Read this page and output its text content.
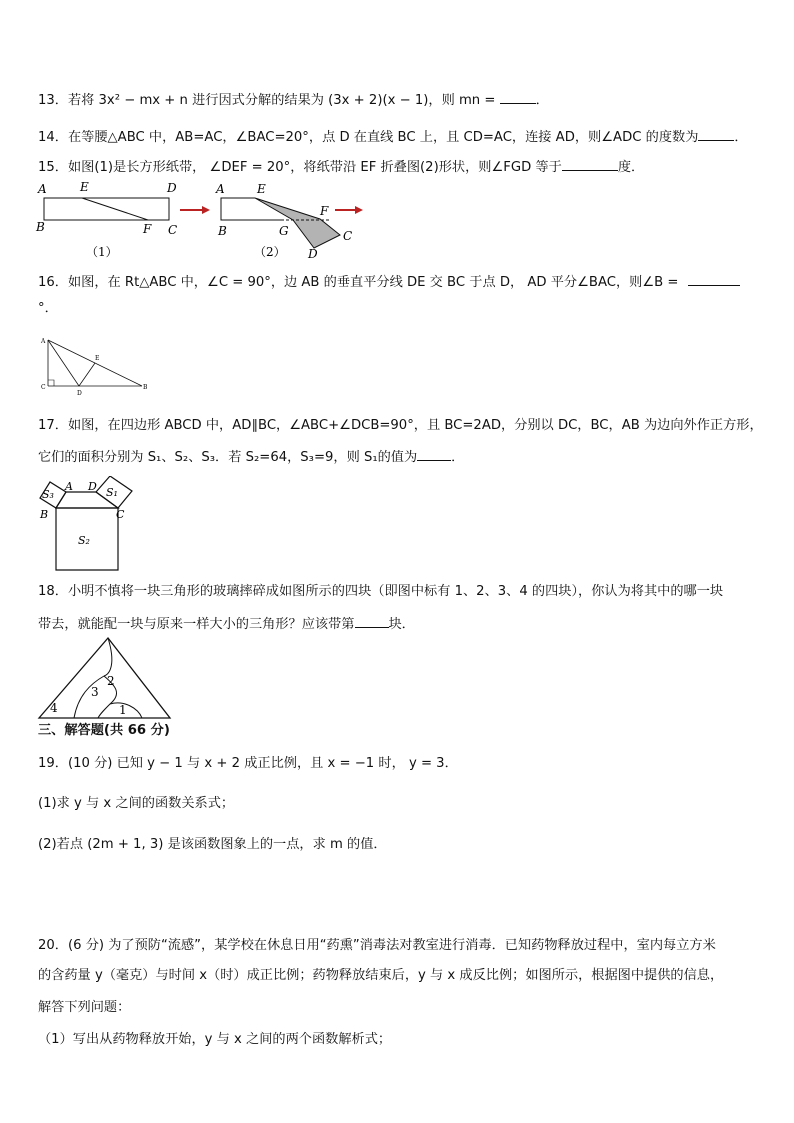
13．若将 3x² − mx + n 进行因式分解的结果为 (3x + 2)(x − 1)，则 mn =	．
14．在等腰△ABC 中，AB=AC，∠BAC=20°，点 D 在直线 BC 上，且 CD=AC，连接 AD，则∠ADC 的度数为	．
15．如图(1)是长方形纸带， ∠DEF = 20°，将纸带沿 EF 折叠图(2)形状，则∠FGD 等于	度．
A	E	D
B	F C
（1）
A	E
F
B	G	C
D
（2）
16．如图，在 Rt△ABC 中，∠C = 90°，边 AB 的垂直平分线 DE 交 BC 于点 D， AD 平分∠BAC，则∠B =
°．
A
E
C
D
B
17．如图，在四边形 ABCD 中，AD∥BC，∠ABC+∠DCB=90°，且 BC=2AD，分别以 DC，BC，AB 为边向外作正方形，
它们的面积分别为 S₁、S₂、S₃．若 S₂=64，S₃=9，则 S₁的值为	．
S₃
A D S₁
B	C
S₂
18．小明不慎将一块三角形的玻璃摔碎成如图所示的四块（即图中标有 1、2、3、4 的四块），你认为将其中的哪一块
带去，就能配一块与原来一样大小的三角形？应该带第	块．
4
3
2
1
三、解答题(共 66 分)
19．(10 分) 已知 y − 1 与 x + 2 成正比例，且 x = −1 时， y = 3．
(1)求 y 与 x 之间的函数关系式；
(2)若点 (2m + 1, 3) 是该函数图象上的一点，求 m 的值．
20．(6 分) 为了预防“流感”，某学校在休息日用“药熏”消毒法对教室进行消毒．已知药物释放过程中，室内每立方米
的含药量 y（毫克）与时间 x（时）成正比例；药物释放结束后，y 与 x 成反比例；如图所示，根据图中提供的信息，
解答下列问题：
（1）写出从药物释放开始，y 与 x 之间的两个函数解析式；
